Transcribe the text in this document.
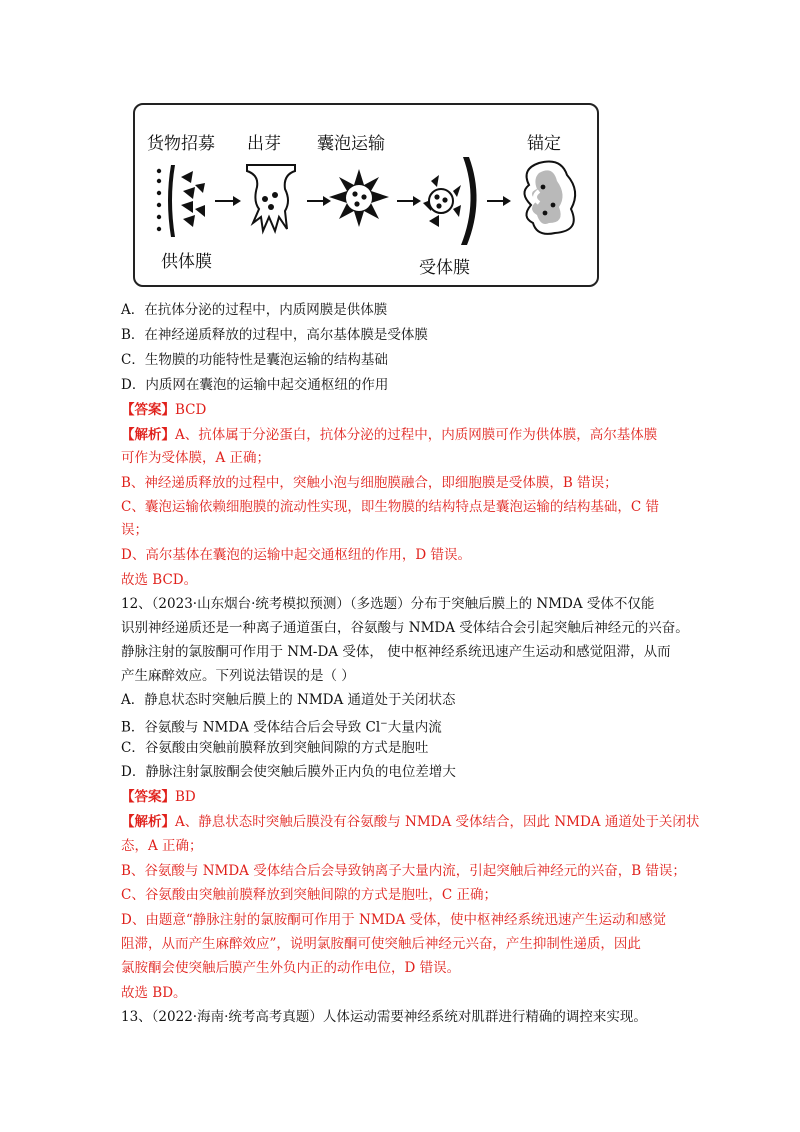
货物招募 出芽 囊泡运输	锚定
供体膜	受体膜
A．在抗体分泌的过程中，内质网膜是供体膜
B．在神经递质释放的过程中，高尔基体膜是受体膜
C．生物膜的功能特性是囊泡运输的结构基础
D．内质网在囊泡的运输中起交通枢纽的作用
【答案】BCD
【解析】A、抗体属于分泌蛋白，抗体分泌的过程中，内质网膜可作为供体膜，高尔基体膜
可作为受体膜，A 正确；
B、神经递质释放的过程中，突触小泡与细胞膜融合，即细胞膜是受体膜，B 错误；
C、囊泡运输依赖细胞膜的流动性实现，即生物膜的结构特点是囊泡运输的结构基础，C 错
误；
D、高尔基体在囊泡的运输中起交通枢纽的作用，D 错误。
故选 BCD。
12、（2023·山东烟台·统考模拟预测）（多选题）分布于突触后膜上的 NMDA 受体不仅能
识别神经递质还是一种离子通道蛋白，谷氨酸与 NMDA 受体结合会引起突触后神经元的兴奋。
静脉注射的氯胺酮可作用于 NM-DA 受体， 使中枢神经系统迅速产生运动和感觉阻滞，从而
产生麻醉效应。下列说法错误的是（ ）
A．静息状态时突触后膜上的 NMDA 通道处于关闭状态
B．谷氨酸与 NMDA 受体结合后会导致 Cl−大量内流
C．谷氨酸由突触前膜释放到突触间隙的方式是胞吐
D．静脉注射氯胺酮会使突触后膜外正内负的电位差增大
【答案】BD
【解析】A、静息状态时突触后膜没有谷氨酸与 NMDA 受体结合，因此 NMDA 通道处于关闭状
态，A 正确；
B、谷氨酸与 NMDA 受体结合后会导致钠离子大量内流，引起突触后神经元的兴奋，B 错误；
C、谷氨酸由突触前膜释放到突触间隙的方式是胞吐，C 正确；
D、由题意“静脉注射的氯胺酮可作用于 NMDA 受体，使中枢神经系统迅速产生运动和感觉
阻滞，从而产生麻醉效应”，说明氯胺酮可使突触后神经元兴奋，产生抑制性递质，因此
氯胺酮会使突触后膜产生外负内正的动作电位，D 错误。
故选 BD。
13、（2022·海南·统考高考真题）人体运动需要神经系统对肌群进行精确的调控来实现。
